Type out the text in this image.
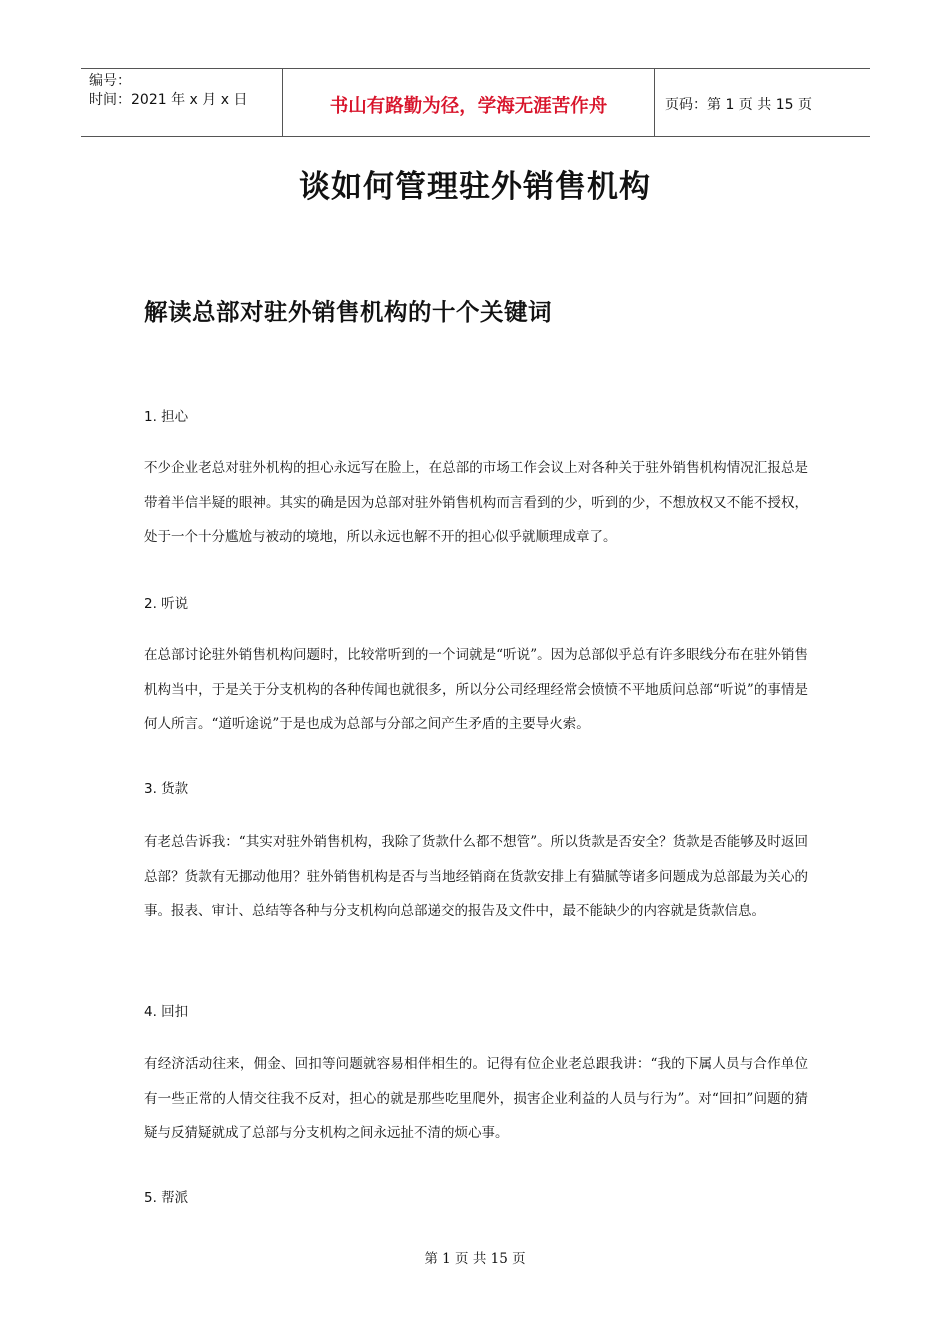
编号：
时间：2021 年 x 月 x 日	书山有路勤为径，学海无涯苦作舟	页码：第 1 页 共 15 页
谈如何管理驻外销售机构
解读总部对驻外销售机构的十个关键词
1. 担心
不少企业老总对驻外机构的担心永远写在脸上，在总部的市场工作会议上对各种关于驻外销售机构情况汇报总是带着半信半疑的眼神。其实的确是因为总部对驻外销售机构而言看到的少，听到的少，不想放权又不能不授权，处于一个十分尴尬与被动的境地，所以永远也解不开的担心似乎就顺理成章了。
2. 听说
在总部讨论驻外销售机构问题时，比较常听到的一个词就是“听说”。因为总部似乎总有许多眼线分布在驻外销售机构当中，于是关于分支机构的各种传闻也就很多，所以分公司经理经常会愤愤不平地质问总部“听说”的事情是何人所言。“道听途说”于是也成为总部与分部之间产生矛盾的主要导火索。
3. 货款
有老总告诉我：“其实对驻外销售机构，我除了货款什么都不想管”。所以货款是否安全？货款是否能够及时返回总部？货款有无挪动他用？驻外销售机构是否与当地经销商在货款安排上有猫腻等诸多问题成为总部最为关心的事。报表、审计、总结等各种与分支机构向总部递交的报告及文件中，最不能缺少的内容就是货款信息。
4. 回扣
有经济活动往来，佣金、回扣等问题就容易相伴相生的。记得有位企业老总跟我讲：“我的下属人员与合作单位有一些正常的人情交往我不反对，担心的就是那些吃里爬外，损害企业利益的人员与行为”。对“回扣”问题的猜疑与反猜疑就成了总部与分支机构之间永远扯不清的烦心事。
5. 帮派
第 1 页 共 15 页
